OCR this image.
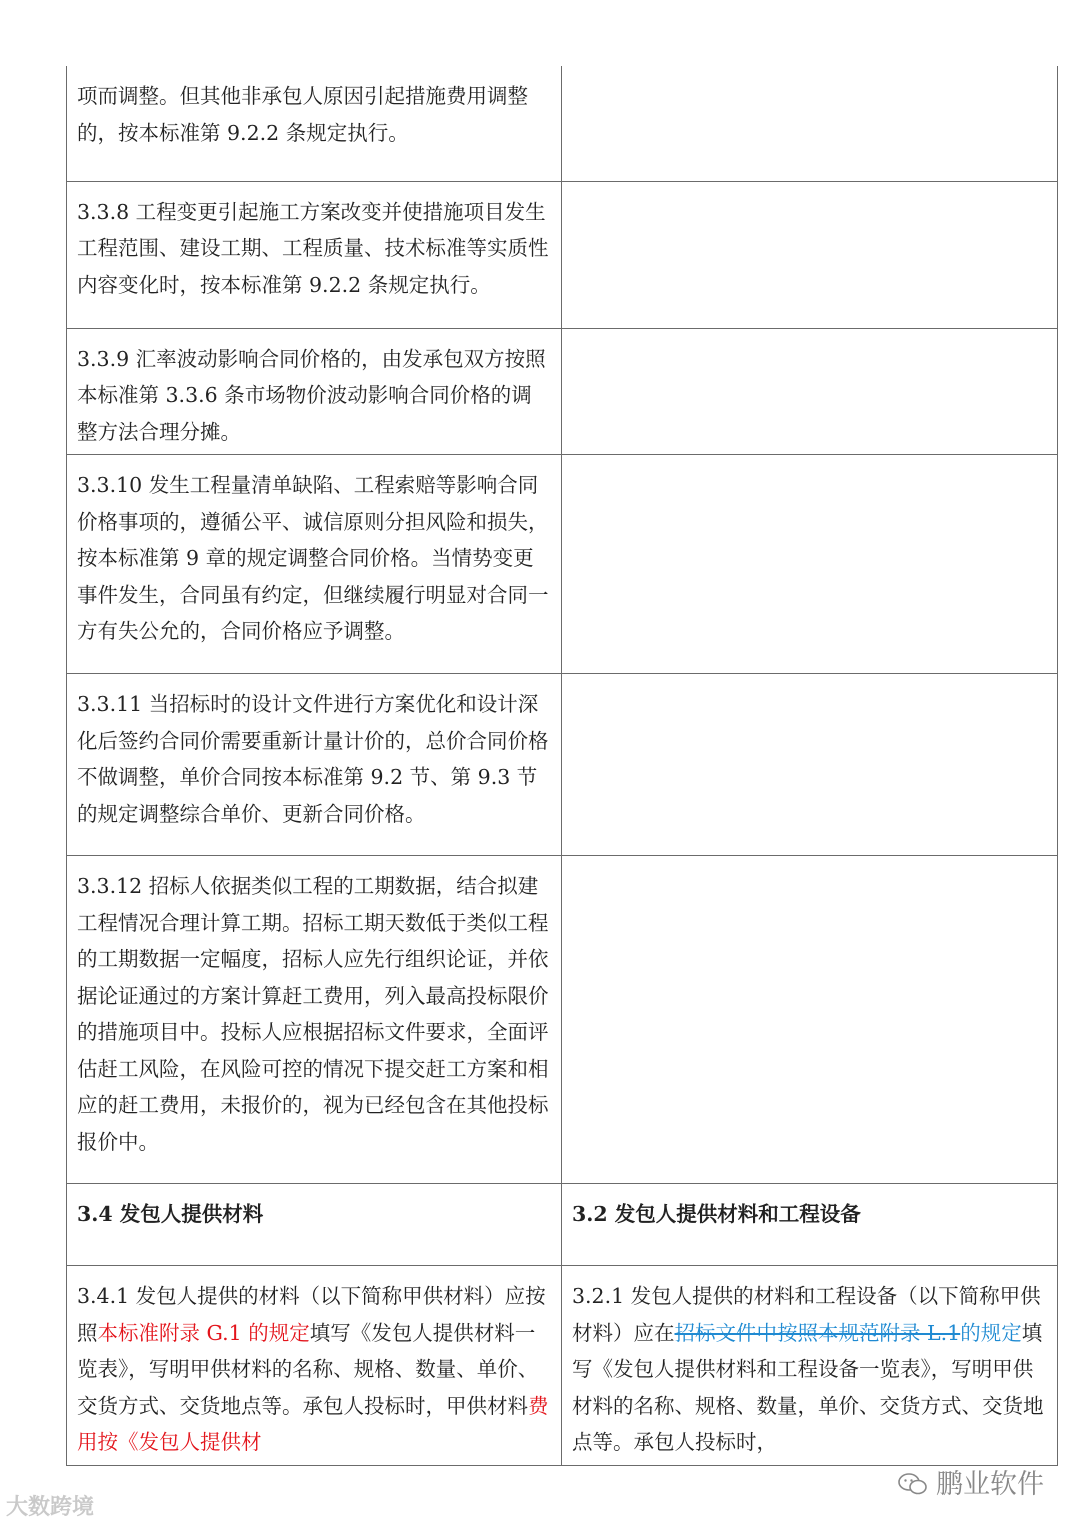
项而调整。但其他非承包人原因引起措施费用调整的，按本标准第 9.2.2 条规定执行。	
3.3.8 工程变更引起施工方案改变并使措施项目发生工程范围、建设工期、工程质量、技术标准等实质性内容变化时，按本标准第 9.2.2 条规定执行。	
3.3.9 汇率波动影响合同价格的，由发承包双方按照本标准第 3.3.6 条市场物价波动影响合同价格的调整方法合理分摊。	
3.3.10 发生工程量清单缺陷、工程索赔等影响合同价格事项的，遵循公平、诚信原则分担风险和损失，按本标准第 9 章的规定调整合同价格。当情势变更事件发生，合同虽有约定，但继续履行明显对合同一方有失公允的，合同价格应予调整。	
3.3.11 当招标时的设计文件进行方案优化和设计深化后签约合同价需要重新计量计价的，总价合同价格不做调整，单价合同按本标准第 9.2 节、第 9.3 节的规定调整综合单价、更新合同价格。	
3.3.12 招标人依据类似工程的工期数据，结合拟建工程情况合理计算工期。招标工期天数低于类似工程的工期数据一定幅度，招标人应先行组织论证，并依据论证通过的方案计算赶工费用，列入最高投标限价的措施项目中。投标人应根据招标文件要求，全面评估赶工风险，在风险可控的情况下提交赶工方案和相应的赶工费用，未报价的，视为已经包含在其他投标报价中。	
3.4 发包人提供材料	3.2 发包人提供材料和工程设备
3.4.1 发包人提供的材料（以下简称甲供材料）应按照本标准附录 G.1 的规定填写《发包人提供材料一览表》，写明甲供材料的名称、规格、数量、单价、交货方式、交货地点等。承包人投标时，甲供材料费用按《发包人提供材	3.2.1 发包人提供的材料和工程设备（以下简称甲供材料）应在招标文件中按照本规范附录 L.1的规定填写《发包人提供材料和工程设备一览表》，写明甲供材料的名称、规格、数量，单价、交货方式、交货地点等。承包人投标时，
大数跨境
鹏业软件
